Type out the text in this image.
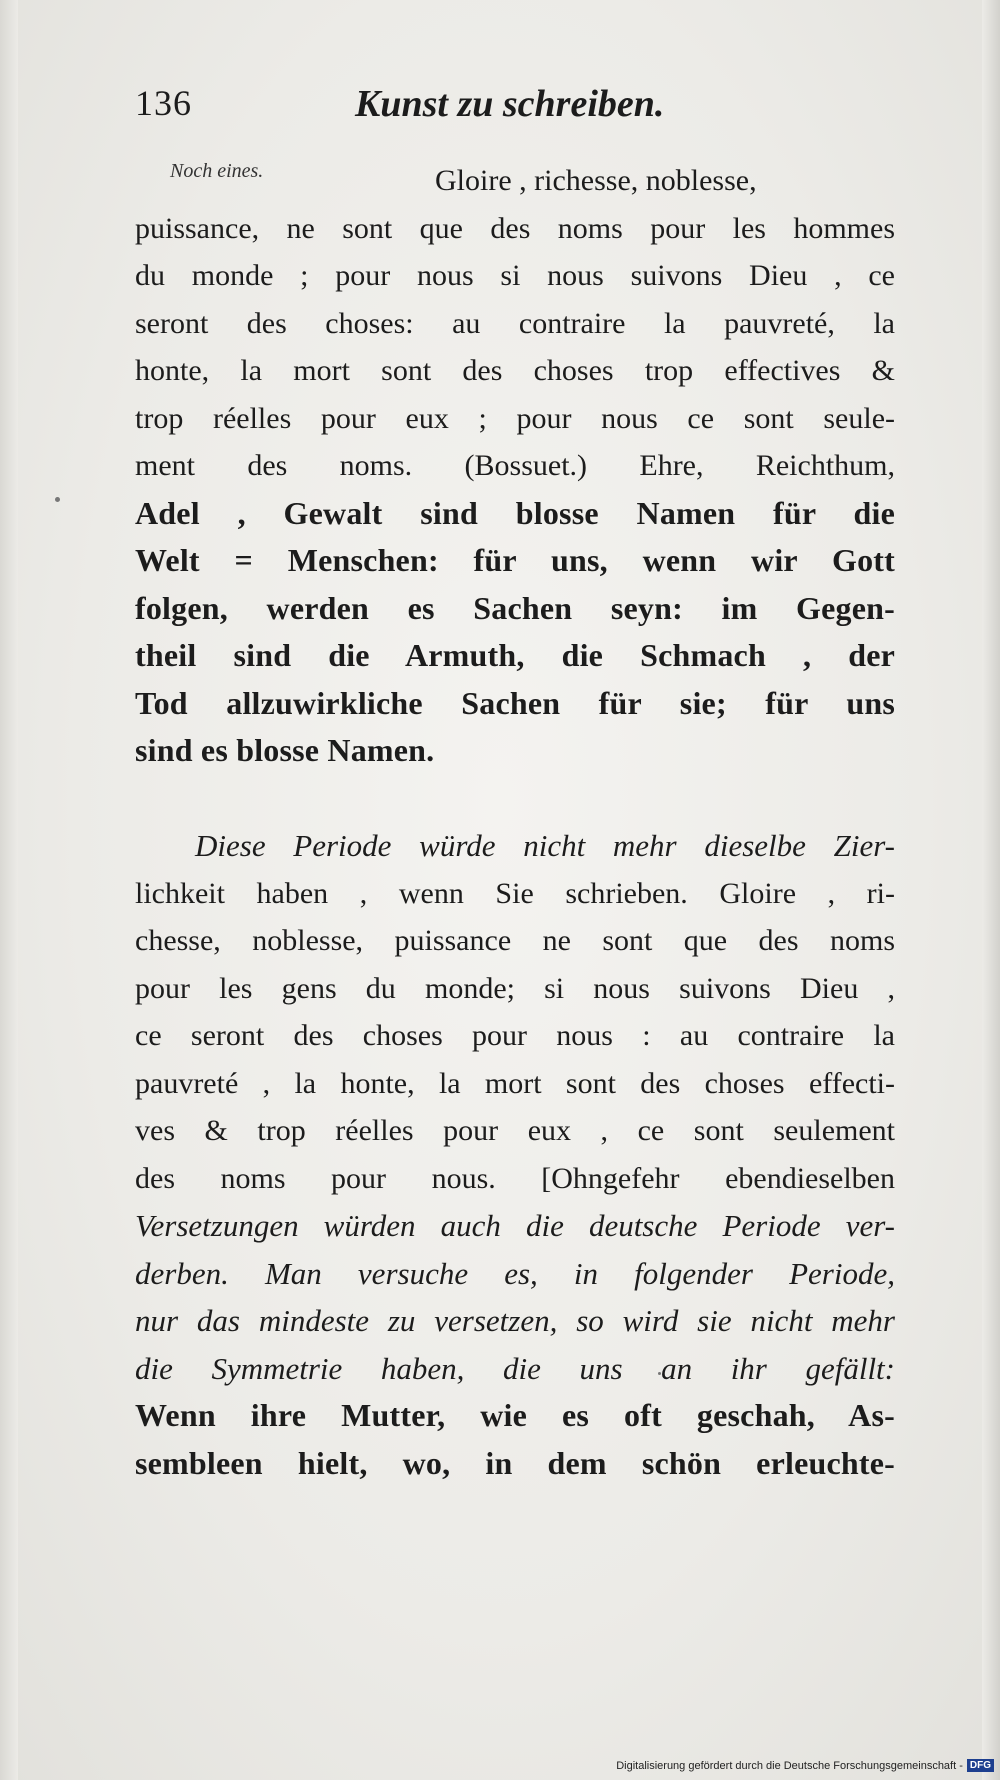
136	Kunst zu schreiben.
Noch eines.	Gloire , richesse, noblesse,
puissance, ne sont que des noms pour les hommes
du monde ; pour nous si nous suivons Dieu , ce
seront des choses: au contraire la pauvreté, la
honte, la mort sont des choses trop effectives &
trop réelles pour eux ; pour nous ce sont seule-
ment des noms. (Bossuet.) Ehre, Reichthum,
Adel , Gewalt sind blosse Namen für die
Welt = Menschen: für uns, wenn wir Gott
folgen, werden es Sachen seyn: im Gegen-
theil sind die Armuth, die Schmach , der
Tod allzuwirkliche Sachen für sie; für uns
sind es blosse Namen.
Diese Periode würde nicht mehr dieselbe Zier-
lichkeit haben , wenn Sie schrieben. Gloire , ri-
chesse, noblesse, puissance ne sont que des noms
pour les gens du monde; si nous suivons Dieu ,
ce seront des choses pour nous : au contraire la
pauvreté , la honte, la mort sont des choses effecti-
ves & trop réelles pour eux , ce sont seulement
des noms pour nous. [Ohngefehr ebendieselben
Versetzungen würden auch die deutsche Periode ver-
derben. Man versuche es, in folgender Periode,
nur das mindeste zu versetzen, so wird sie nicht mehr
die Symmetrie haben, die uns an ihr gefällt:
Wenn ihre Mutter, wie es oft geschah, As-
sembleen hielt, wo, in dem schön erleuchte-
Digitalisierung gefördert durch die Deutsche Forschungsgemeinschaft - DFG
